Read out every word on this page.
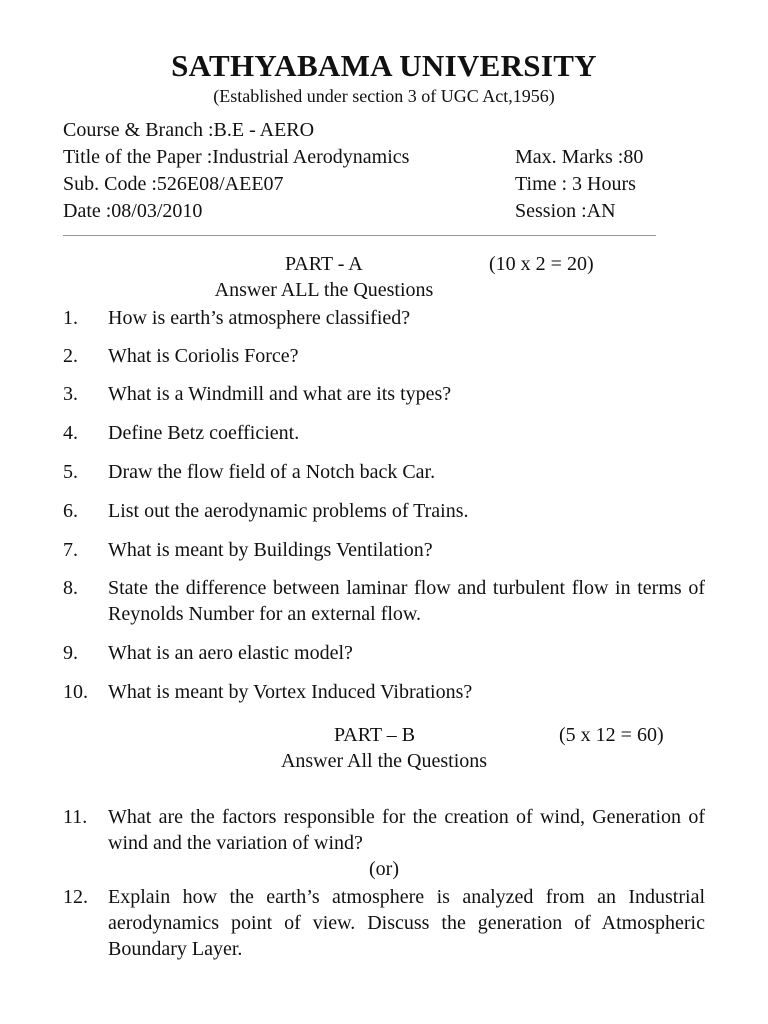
SATHYABAMA UNIVERSITY

(Established under section 3 of UGC Act,1956)

Course & Branch :B.E - AERO
Title of the Paper :Industrial Aerodynamics	Max. Marks :80
Sub. Code :526E08/AEE07	Time : 3 Hours
Date :08/03/2010	Session :AN
PART - A	(10 x 2 = 20)
Answer ALL the Questions
1.	How is earth’s atmosphere classified?
2.	What is Coriolis Force?
3.	What is a Windmill and what are its types?
4.	Define Betz coefficient.
5.	Draw the flow field of a Notch back Car.
6.	List out the aerodynamic problems of Trains.
7.	What is meant by Buildings Ventilation?
8.	State the difference between laminar flow and turbulent flow in terms of Reynolds Number for an external flow.
9.	What is an aero elastic model?
10.	What is meant by Vortex Induced Vibrations?
PART – B	(5 x 12 = 60)
Answer All the Questions
11.	What are the factors responsible for the creation of wind, Generation of wind and the variation of wind?
(or)
12.	Explain how the earth’s atmosphere is analyzed from an Industrial aerodynamics point of view. Discuss the generation of Atmospheric Boundary Layer.
